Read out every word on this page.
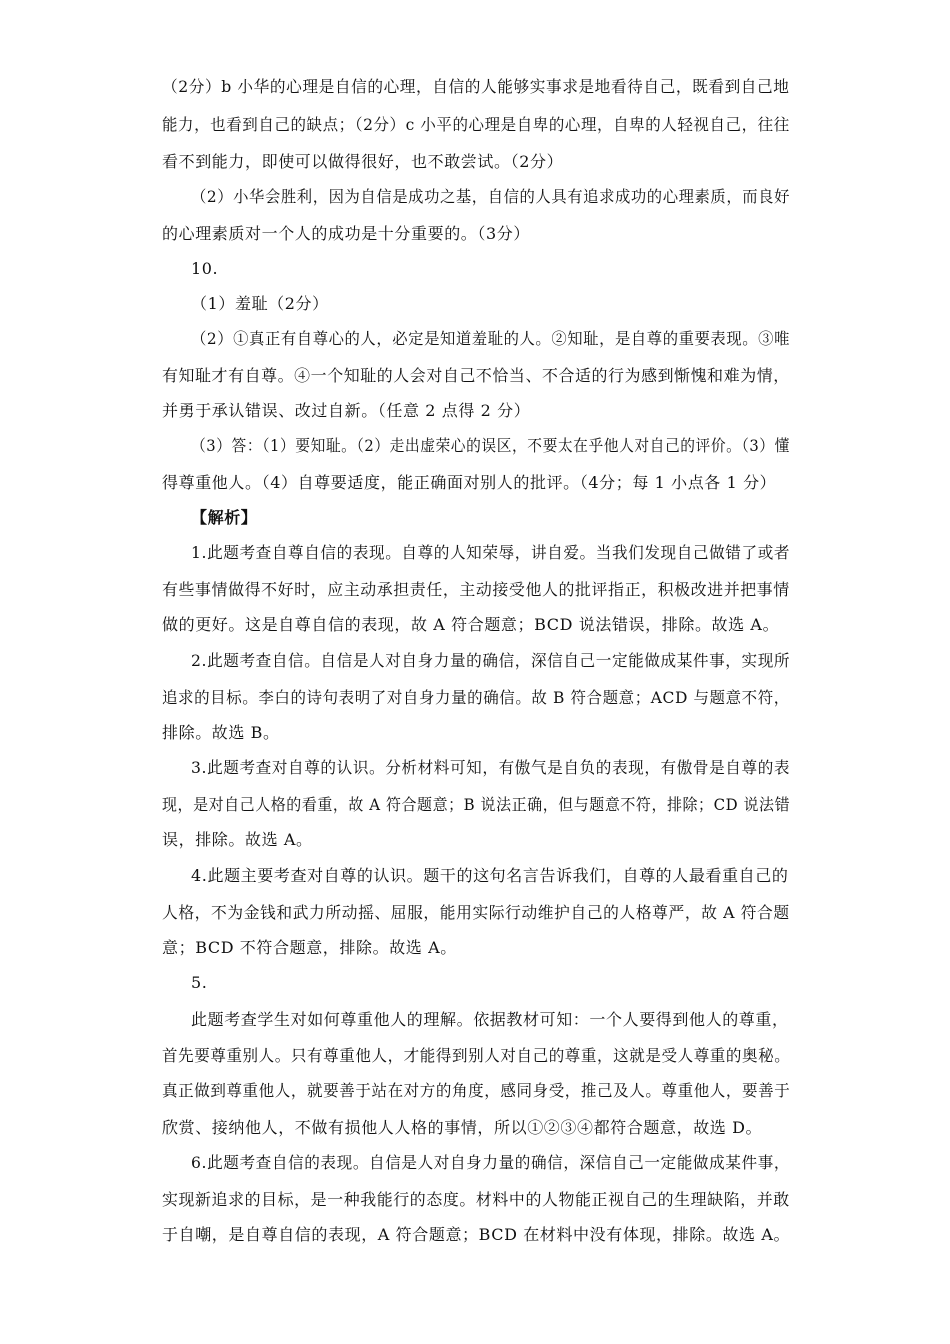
（2分）b 小华的心理是自信的心理，自信的人能够实事求是地看待自己，既看到自己地
能力，也看到自己的缺点；（2分）c 小平的心理是自卑的心理，自卑的人轻视自己，往往
看不到能力，即使可以做得很好，也不敢尝试。（2分）
（2）小华会胜利，因为自信是成功之基，自信的人具有追求成功的心理素质，而良好
的心理素质对一个人的成功是十分重要的。（3分）
10.
（1）羞耻（2分）
（2）①真正有自尊心的人，必定是知道羞耻的人。②知耻，是自尊的重要表现。③唯
有知耻才有自尊。④一个知耻的人会对自己不恰当、不合适的行为感到惭愧和难为情，
并勇于承认错误、改过自新。（任意 2 点得 2 分）
（3）答：（1）要知耻。（2）走出虚荣心的误区，不要太在乎他人对自己的评价。（3）懂
得尊重他人。（4）自尊要适度，能正确面对别人的批评。（4分；每 1 小点各 1 分）
【解析】
1.此题考查自尊自信的表现。自尊的人知荣辱，讲自爱。当我们发现自己做错了或者
有些事情做得不好时，应主动承担责任，主动接受他人的批评指正，积极改进并把事情
做的更好。这是自尊自信的表现，故 A 符合题意；BCD 说法错误，排除。故选 A。
2.此题考查自信。自信是人对自身力量的确信，深信自己一定能做成某件事，实现所
追求的目标。李白的诗句表明了对自身力量的确信。故 B 符合题意；ACD 与题意不符，
排除。故选 B。
3.此题考查对自尊的认识。分析材料可知，有傲气是自负的表现，有傲骨是自尊的表
现，是对自己人格的看重，故 A 符合题意；B 说法正确，但与题意不符，排除；CD 说法错
误，排除。故选 A。
4.此题主要考查对自尊的认识。题干的这句名言告诉我们，自尊的人最看重自己的
人格，不为金钱和武力所动摇、屈服，能用实际行动维护自己的人格尊严，故 A 符合题
意；BCD 不符合题意，排除。故选 A。
5.
此题考查学生对如何尊重他人的理解。依据教材可知：一个人要得到他人的尊重，
首先要尊重别人。只有尊重他人，才能得到别人对自己的尊重，这就是受人尊重的奥秘。
真正做到尊重他人，就要善于站在对方的角度，感同身受，推己及人。尊重他人，要善于
欣赏、接纳他人，不做有损他人人格的事情，所以①②③④都符合题意，故选 D。
6.此题考查自信的表现。自信是人对自身力量的确信，深信自己一定能做成某件事，
实现新追求的目标，是一种我能行的态度。材料中的人物能正视自己的生理缺陷，并敢
于自嘲，是自尊自信的表现，A 符合题意；BCD 在材料中没有体现，排除。故选 A。
